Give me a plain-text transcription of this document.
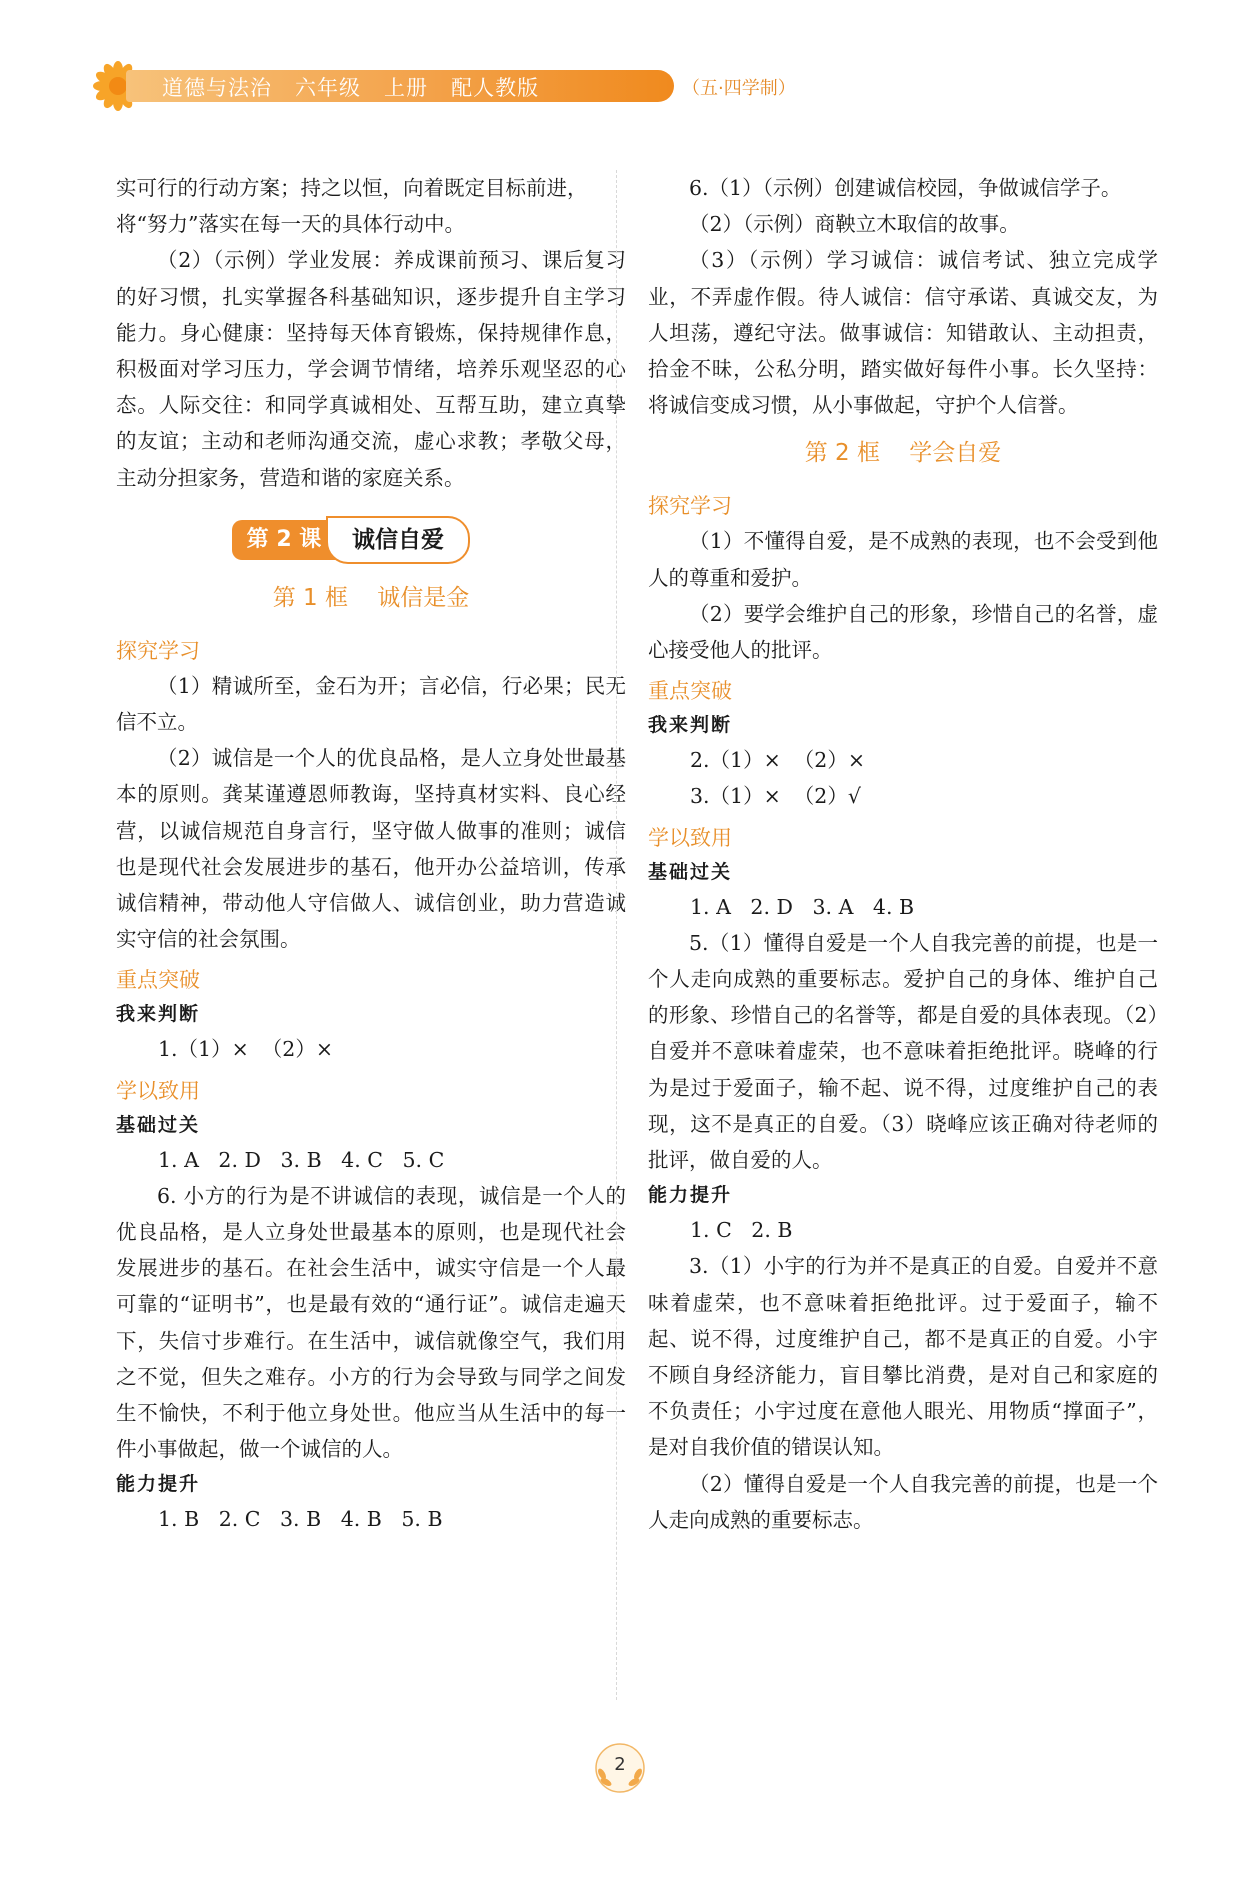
道德与法治   六年级   上册   配人教版	（五·四学制）

实可行的行动方案；持之以恒，向着既定目标前进，将“努力”落实在每一天的具体行动中。

（2）（示例）学业发展：养成课前预习、课后复习的好习惯，扎实掌握各科基础知识，逐步提升自主学习能力。身心健康：坚持每天体育锻炼，保持规律作息，积极面对学习压力，学会调节情绪，培养乐观坚忍的心态。人际交往：和同学真诚相处、互帮互助，建立真挚的友谊；主动和老师沟通交流，虚心求教；孝敬父母，主动分担家务，营造和谐的家庭关系。

第 2 课	诚信自爱
第 1 框    诚信是金
探究学习

（1）精诚所至，金石为开；言必信，行必果；民无信不立。

（2）诚信是一个人的优良品格，是人立身处世最基本的原则。龚某谨遵恩师教诲，坚持真材实料、良心经营，以诚信规范自身言行，坚守做人做事的准则；诚信也是现代社会发展进步的基石，他开办公益培训，传承诚信精神，带动他人守信做人、诚信创业，助力营造诚实守信的社会氛围。

重点突破

我来判断

1.（1）×  （2）×

学以致用

基础过关

1. A   2. D   3. B   4. C   5. C

6. 小方的行为是不讲诚信的表现，诚信是一个人的优良品格，是人立身处世最基本的原则，也是现代社会发展进步的基石。在社会生活中，诚实守信是一个人最可靠的“证明书”，也是最有效的“通行证”。诚信走遍天下，失信寸步难行。在生活中，诚信就像空气，我们用之不觉，但失之难存。小方的行为会导致与同学之间发生不愉快，不利于他立身处世。他应当从生活中的每一件小事做起，做一个诚信的人。

能力提升

1. B   2. C   3. B   4. B   5. B

6.（1）（示例）创建诚信校园，争做诚信学子。

（2）（示例）商鞅立木取信的故事。

（3）（示例）学习诚信：诚信考试、独立完成学业，不弄虚作假。待人诚信：信守承诺、真诚交友，为人坦荡，遵纪守法。做事诚信：知错敢认、主动担责，拾金不昧，公私分明，踏实做好每件小事。长久坚持：将诚信变成习惯，从小事做起，守护个人信誉。

第 2 框    学会自爱
探究学习

（1）不懂得自爱，是不成熟的表现，也不会受到他人的尊重和爱护。

（2）要学会维护自己的形象，珍惜自己的名誉，虚心接受他人的批评。

重点突破

我来判断

2.（1）×  （2）×

3.（1）×  （2）√

学以致用

基础过关

1. A   2. D   3. A   4. B

5.（1）懂得自爱是一个人自我完善的前提，也是一个人走向成熟的重要标志。爱护自己的身体、维护自己的形象、珍惜自己的名誉等，都是自爱的具体表现。（2）自爱并不意味着虚荣，也不意味着拒绝批评。晓峰的行为是过于爱面子，输不起、说不得，过度维护自己的表现，这不是真正的自爱。（3）晓峰应该正确对待老师的批评，做自爱的人。

能力提升

1. C   2. B

3.（1）小宇的行为并不是真正的自爱。自爱并不意味着虚荣，也不意味着拒绝批评。过于爱面子，输不起、说不得，过度维护自己，都不是真正的自爱。小宇不顾自身经济能力，盲目攀比消费，是对自己和家庭的不负责任；小宇过度在意他人眼光、用物质“撑面子”，是对自我价值的错误认知。

（2）懂得自爱是一个人自我完善的前提，也是一个人走向成熟的重要标志。

2
